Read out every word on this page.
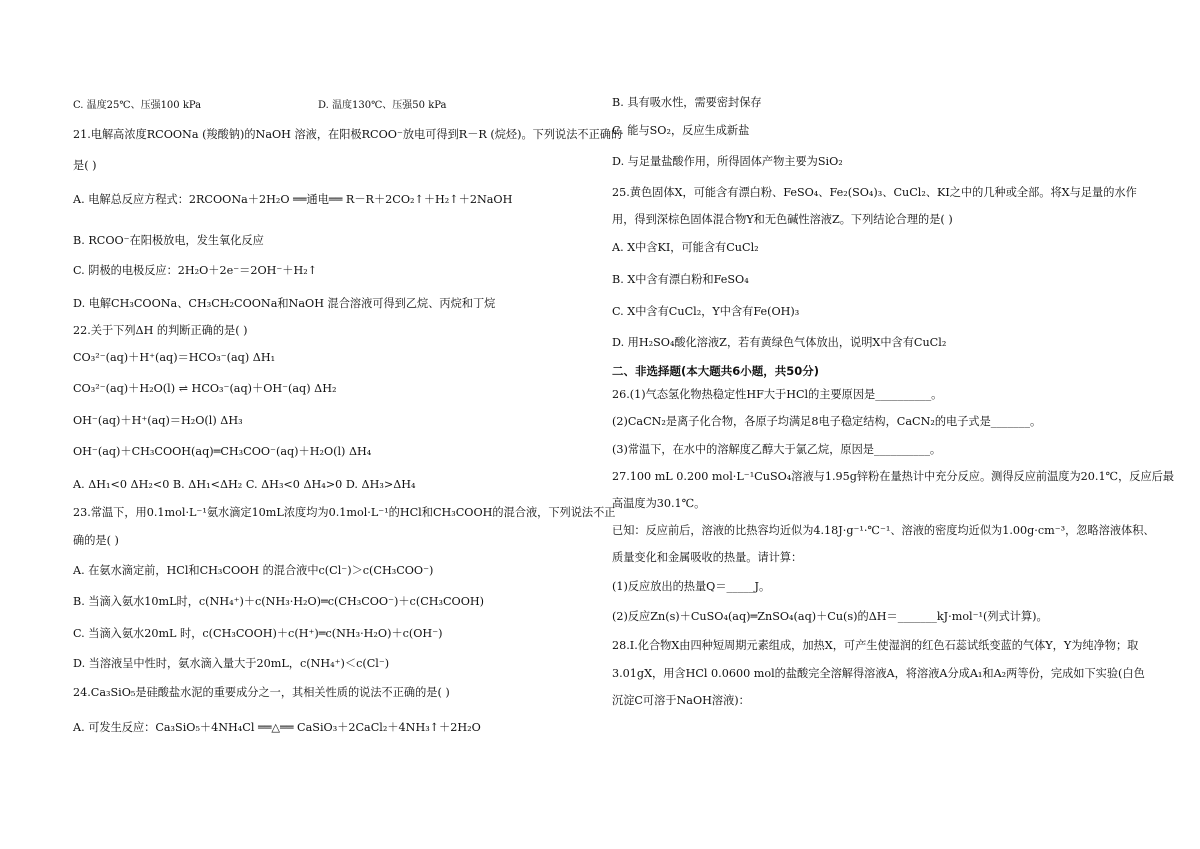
C. 温度25℃、压强100 kPa	D. 温度130℃、压强50 kPa
21.电解高浓度RCOONa (羧酸钠)的NaOH 溶液，在阳极RCOO⁻放电可得到R－R (烷烃)。下列说法不正确的
是( )
A. 电解总反应方程式：2RCOONa＋2H₂O ══通电══ R－R＋2CO₂↑＋H₂↑＋2NaOH
B. RCOO⁻在阳极放电，发生氧化反应
C. 阴极的电极反应：2H₂O＋2e⁻＝2OH⁻＋H₂↑
D. 电解CH₃COONa、CH₃CH₂COONa和NaOH 混合溶液可得到乙烷、丙烷和丁烷
22.关于下列ΔH 的判断正确的是( )
CO₃²⁻(aq)＋H⁺(aq)＝HCO₃⁻(aq) ΔH₁
CO₃²⁻(aq)＋H₂O(l) ⇌ HCO₃⁻(aq)＋OH⁻(aq) ΔH₂
OH⁻(aq)＋H⁺(aq)＝H₂O(l) ΔH₃
OH⁻(aq)＋CH₃COOH(aq)═CH₃COO⁻(aq)＋H₂O(l) ΔH₄
A. ΔH₁<0 ΔH₂<0 B. ΔH₁<ΔH₂ C. ΔH₃<0 ΔH₄>0 D. ΔH₃>ΔH₄
23.常温下，用0.1mol·L⁻¹氨水滴定10mL浓度均为0.1mol·L⁻¹的HCl和CH₃COOH的混合液，下列说法不正
确的是( )
A. 在氨水滴定前，HCl和CH₃COOH 的混合液中c(Cl⁻)＞c(CH₃COO⁻)
B. 当滴入氨水10mL时，c(NH₄⁺)＋c(NH₃·H₂O)═c(CH₃COO⁻)＋c(CH₃COOH)
C. 当滴入氨水20mL 时，c(CH₃COOH)＋c(H⁺)═c(NH₃·H₂O)＋c(OH⁻)
D. 当溶液呈中性时，氨水滴入量大于20mL，c(NH₄⁺)＜c(Cl⁻)
24.Ca₃SiO₅是硅酸盐水泥的重要成分之一，其相关性质的说法不正确的是( )
A. 可发生反应：Ca₃SiO₅＋4NH₄Cl ══△══ CaSiO₃＋2CaCl₂＋4NH₃↑＋2H₂O
B. 具有吸水性，需要密封保存
C. 能与SO₂，反应生成新盐
D. 与足量盐酸作用，所得固体产物主要为SiO₂
25.黄色固体X，可能含有漂白粉、FeSO₄、Fe₂(SO₄)₃、CuCl₂、KI之中的几种或全部。将X与足量的水作
用，得到深棕色固体混合物Y和无色碱性溶液Z。下列结论合理的是( )
A. X中含KI，可能含有CuCl₂
B. X中含有漂白粉和FeSO₄
C. X中含有CuCl₂，Y中含有Fe(OH)₃
D. 用H₂SO₄酸化溶液Z，若有黄绿色气体放出，说明X中含有CuCl₂
二、非选择题(本大题共6小题，共50分)
26.(1)气态氢化物热稳定性HF大于HCl的主要原因是__________。
(2)CaCN₂是离子化合物，各原子均满足8电子稳定结构，CaCN₂的电子式是_______。
(3)常温下，在水中的溶解度乙醇大于氯乙烷，原因是__________。
27.100 mL 0.200 mol·L⁻¹CuSO₄溶液与1.95g锌粉在量热计中充分反应。测得反应前温度为20.1℃，反应后最
高温度为30.1℃。
已知：反应前后，溶液的比热容均近似为4.18J·g⁻¹·℃⁻¹、溶液的密度均近似为1.00g·cm⁻³，忽略溶液体积、
质量变化和金属吸收的热量。请计算：
(1)反应放出的热量Q＝_____J。
(2)反应Zn(s)＋CuSO₄(aq)═ZnSO₄(aq)＋Cu(s)的ΔH＝_______kJ·mol⁻¹(列式计算)。
28.Ⅰ.化合物X由四种短周期元素组成，加热X，可产生使湿润的红色石蕊试纸变蓝的气体Y，Y为纯净物；取
3.01gX，用含HCl 0.0600 mol的盐酸完全溶解得溶液A，将溶液A分成A₁和A₂两等份，完成如下实验(白色
沉淀C可溶于NaOH溶液)：
